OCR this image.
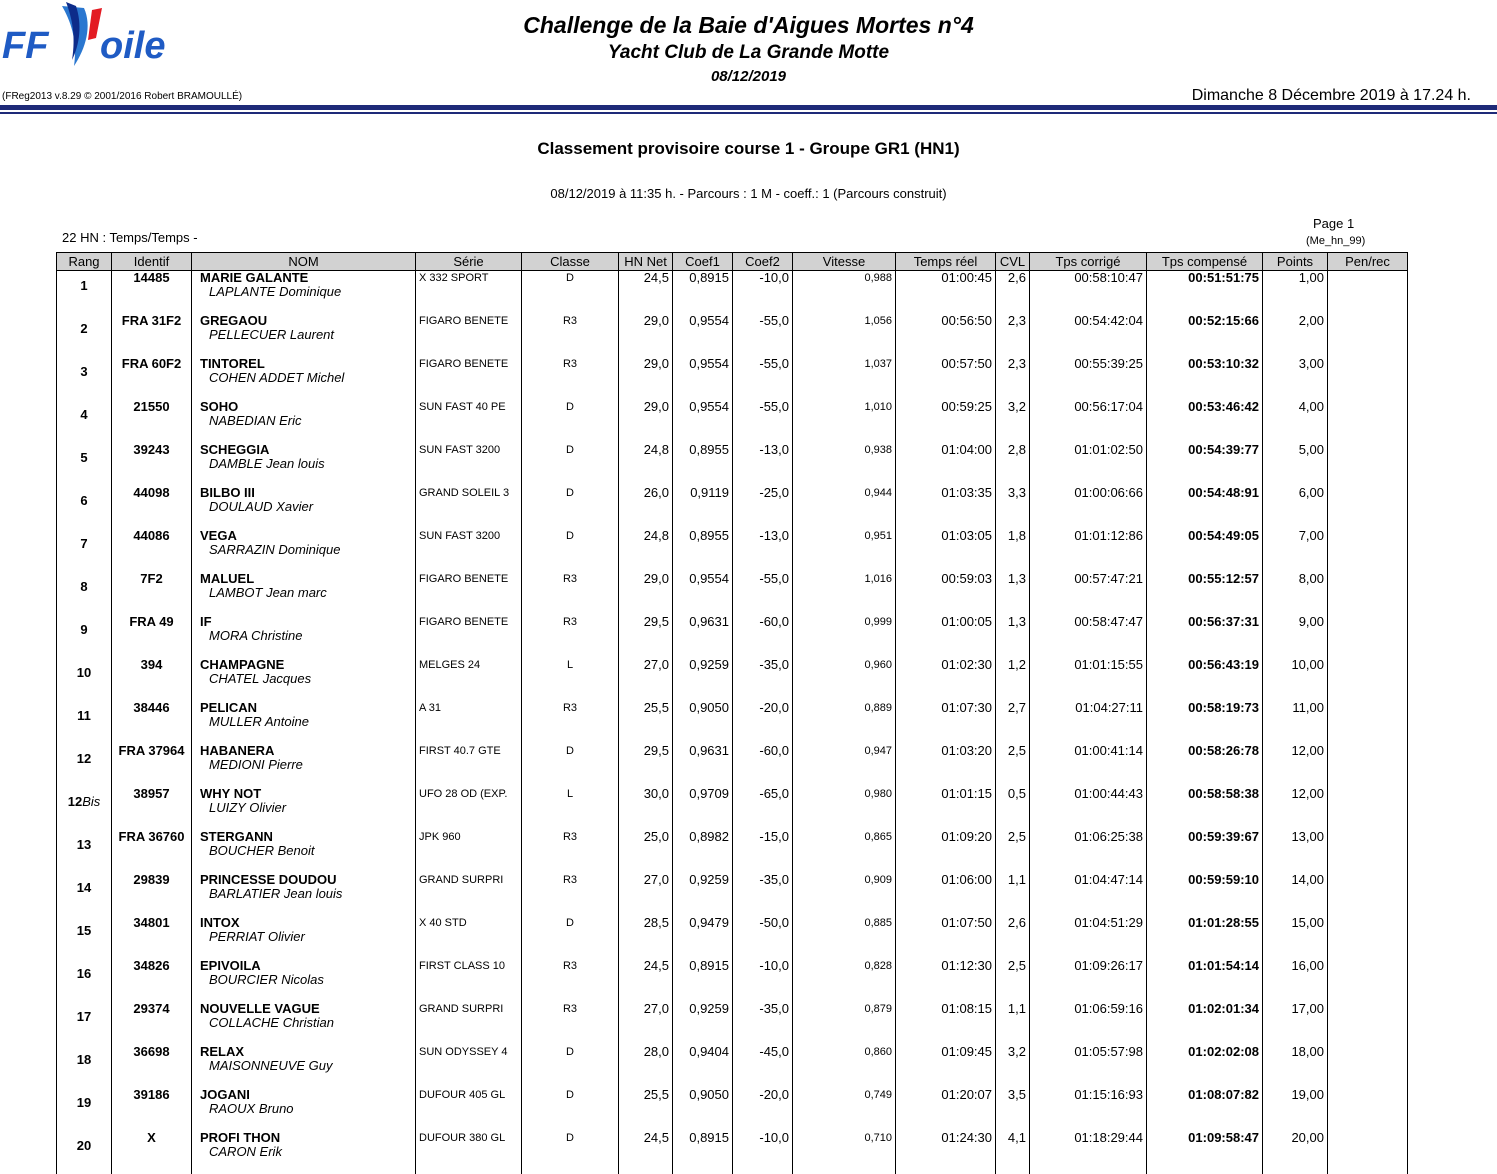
FF oile	Challenge de la Baie d'Aigues Mortes n°4
Yacht Club de La Grande Motte
08/12/2019
(FReg2013 v.8.29 © 2001/2016 Robert BRAMOULLÉ)	Dimanche 8 Décembre 2019 à 17.24 h.
Classement provisoire course 1 - Groupe GR1 (HN1)
08/12/2019 à 11:35 h. - Parcours : 1 M - coeff.: 1 (Parcours construit)
22 HN : Temps/Temps -
Page 1
(Me_hn_99)
Rang	Identif	NOM	Série	Classe	HN Net	Coef1	Coef2	Vitesse	Temps réel	CVL	Tps corrigé	Tps compensé	Points	Pen/rec
1	14485	MARIE GALANTE
LAPLANTE Dominique	X 332 SPORT	D	24,5	0,8915	-10,0	0,988	01:00:45	2,6	00:58:10:47	00:51:51:75	1,00	
2	FRA 31F2	GREGAOU
PELLECUER Laurent	FIGARO BENETE	R3	29,0	0,9554	-55,0	1,056	00:56:50	2,3	00:54:42:04	00:52:15:66	2,00	
3	FRA 60F2	TINTOREL
COHEN ADDET Michel	FIGARO BENETE	R3	29,0	0,9554	-55,0	1,037	00:57:50	2,3	00:55:39:25	00:53:10:32	3,00	
4	21550	SOHO
NABEDIAN Eric	SUN FAST 40 PE	D	29,0	0,9554	-55,0	1,010	00:59:25	3,2	00:56:17:04	00:53:46:42	4,00	
5	39243	SCHEGGIA
DAMBLE Jean louis	SUN FAST 3200	D	24,8	0,8955	-13,0	0,938	01:04:00	2,8	01:01:02:50	00:54:39:77	5,00	
6	44098	BILBO III
DOULAUD Xavier	GRAND SOLEIL 3	D	26,0	0,9119	-25,0	0,944	01:03:35	3,3	01:00:06:66	00:54:48:91	6,00	
7	44086	VEGA
SARRAZIN Dominique	SUN FAST 3200	D	24,8	0,8955	-13,0	0,951	01:03:05	1,8	01:01:12:86	00:54:49:05	7,00	
8	7F2	MALUEL
LAMBOT Jean marc	FIGARO BENETE	R3	29,0	0,9554	-55,0	1,016	00:59:03	1,3	00:57:47:21	00:55:12:57	8,00	
9	FRA 49	IF
MORA Christine	FIGARO BENETE	R3	29,5	0,9631	-60,0	0,999	01:00:05	1,3	00:58:47:47	00:56:37:31	9,00	
10	394	CHAMPAGNE
CHATEL Jacques	MELGES 24	L	27,0	0,9259	-35,0	0,960	01:02:30	1,2	01:01:15:55	00:56:43:19	10,00	
11	38446	PELICAN
MULLER Antoine	A 31	R3	25,5	0,9050	-20,0	0,889	01:07:30	2,7	01:04:27:11	00:58:19:73	11,00	
12	FRA 37964	HABANERA
MEDIONI Pierre	FIRST 40.7 GTE	D	29,5	0,9631	-60,0	0,947	01:03:20	2,5	01:00:41:14	00:58:26:78	12,00	
12Bis	38957	WHY NOT
LUIZY Olivier	UFO 28 OD (EXP.	L	30,0	0,9709	-65,0	0,980	01:01:15	0,5	01:00:44:43	00:58:58:38	12,00	
13	FRA 36760	STERGANN
BOUCHER Benoit	JPK 960	R3	25,0	0,8982	-15,0	0,865	01:09:20	2,5	01:06:25:38	00:59:39:67	13,00	
14	29839	PRINCESSE DOUDOU
BARLATIER Jean louis	GRAND SURPRI	R3	27,0	0,9259	-35,0	0,909	01:06:00	1,1	01:04:47:14	00:59:59:10	14,00	
15	34801	INTOX
PERRIAT Olivier	X 40 STD	D	28,5	0,9479	-50,0	0,885	01:07:50	2,6	01:04:51:29	01:01:28:55	15,00	
16	34826	EPIVOILA
BOURCIER Nicolas	FIRST CLASS 10	R3	24,5	0,8915	-10,0	0,828	01:12:30	2,5	01:09:26:17	01:01:54:14	16,00	
17	29374	NOUVELLE VAGUE
COLLACHE Christian	GRAND SURPRI	R3	27,0	0,9259	-35,0	0,879	01:08:15	1,1	01:06:59:16	01:02:01:34	17,00	
18	36698	RELAX
MAISONNEUVE Guy	SUN ODYSSEY 4	D	28,0	0,9404	-45,0	0,860	01:09:45	3,2	01:05:57:98	01:02:02:08	18,00	
19	39186	JOGANI
RAOUX Bruno	DUFOUR 405 GL	D	25,5	0,9050	-20,0	0,749	01:20:07	3,5	01:15:16:93	01:08:07:82	19,00	
20	X	PROFI THON
CARON Erik	DUFOUR 380 GL	D	24,5	0,8915	-10,0	0,710	01:24:30	4,1	01:18:29:44	01:09:58:47	20,00	
